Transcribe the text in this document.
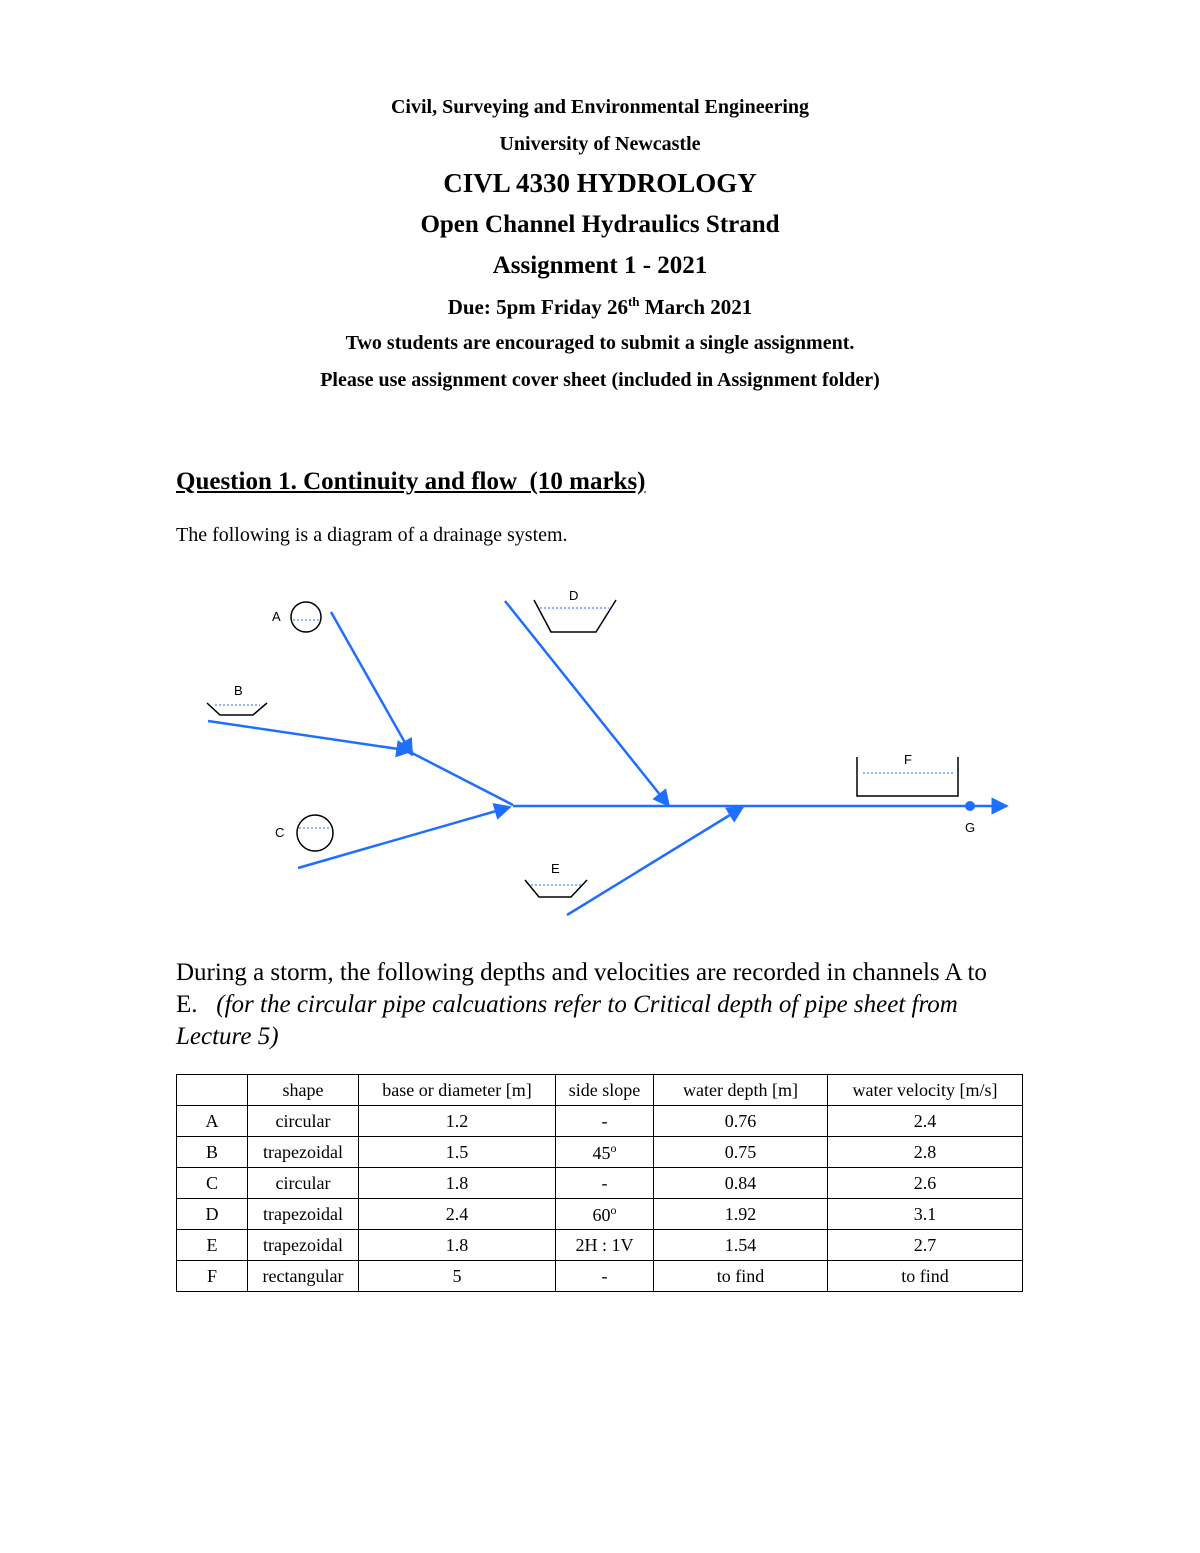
Civil, Surveying and Environmental Engineering
University of Newcastle
CIVL 4330 HYDROLOGY
Open Channel Hydraulics Strand
Assignment 1 - 2021
Due: 5pm Friday 26th March 2021
Two students are encouraged to submit a single assignment.
Please use assignment cover sheet (included in Assignment folder)
Question 1. Continuity and flow  (10 marks)
The following is a diagram of a drainage system.
A
B
C
D
E
F
G
During a storm, the following depths and velocities are recorded in channels A to E. (for the circular pipe calcuations refer to Critical depth of pipe sheet from Lecture 5)
	shape	base or diameter [m]	side slope	water depth [m]	water velocity [m/s]
A	circular	1.2	-	0.76	2.4
B	trapezoidal	1.5	45$^o$	0.75	2.8
C	circular	1.8	-	0.84	2.6
D	trapezoidal	2.4	60$^o$	1.92	3.1
E	trapezoidal	1.8	2H : 1V	1.54	2.7
F	rectangular	5	-	to find	to find
